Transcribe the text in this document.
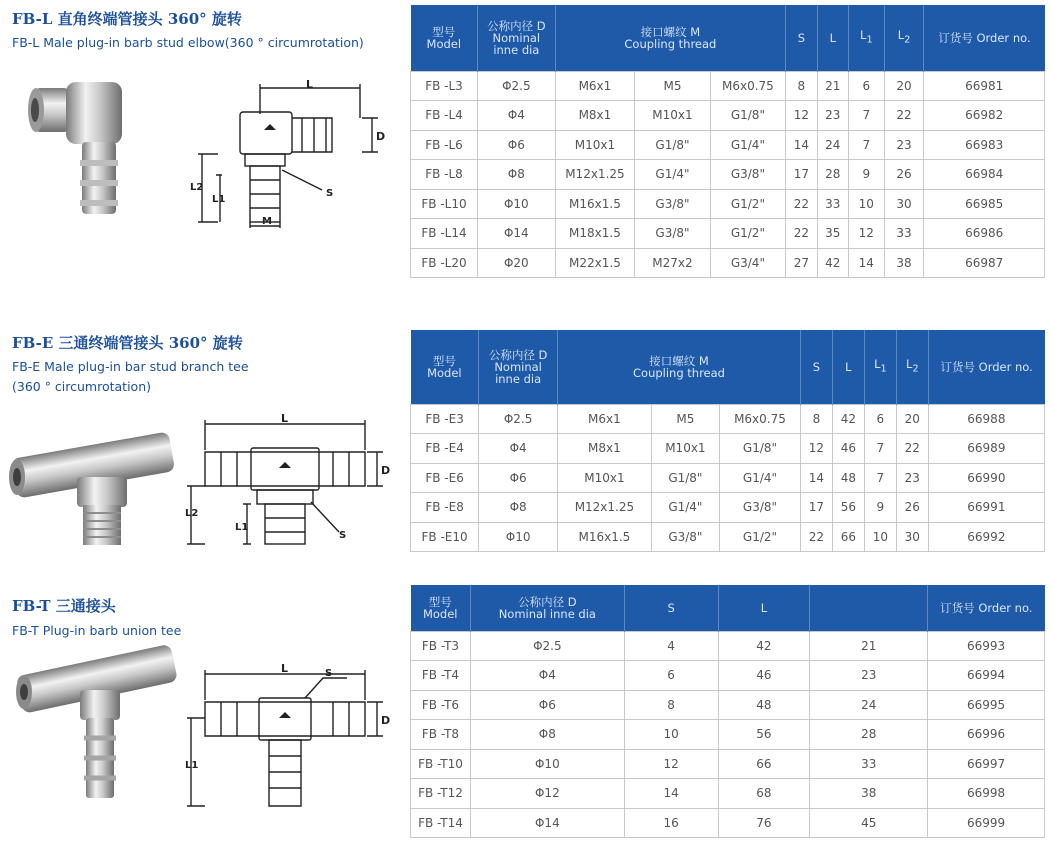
FB-L 直角终端管接头 360° 旋转
FB-L Male plug-in barb stud elbow(360 ° circumrotation)
L
D
L2
L1
S
M
型号
Model	公称内径 D
Nominal
inne dia	接口螺纹 M
Coupling thread			S	L	$L_1$	$L_2$	订货号 Order no.
FB -L3	Φ2.5	M6x1	M5	M6x0.75	8	21	6	20	66981
FB -L4	Φ4	M8x1	M10x1	G1/8"	12	23	7	22	66982
FB -L6	Φ6	M10x1	G1/8"	G1/4"	14	24	7	23	66983
FB -L8	Φ8	M12x1.25	G1/4"	G3/8"	17	28	9	26	66984
FB -L10	Φ10	M16x1.5	G3/8"	G1/2"	22	33	10	30	66985
FB -L14	Φ14	M18x1.5	G3/8"	G1/2"	22	35	12	33	66986
FB -L20	Φ20	M22x1.5	M27x2	G3/4"	27	42	14	38	66987
FB-E 三通终端管接头 360° 旋转
FB-E Male plug-in bar stud branch tee
(360 ° circumrotation)
L
D
L2
L1
S
型号
Model	公称内径 D
Nominal
inne dia	接口螺纹 M
Coupling thread			S	L	$L_1$	$L_2$	订货号 Order no.
FB -E3	Φ2.5	M6x1	M5	M6x0.75	8	42	6	20	66988
FB -E4	Φ4	M8x1	M10x1	G1/8"	12	46	7	22	66989
FB -E6	Φ6	M10x1	G1/8"	G1/4"	14	48	7	23	66990
FB -E8	Φ8	M12x1.25	G1/4"	G3/8"	17	56	9	26	66991
FB -E10	Φ10	M16x1.5	G3/8"	G1/2"	22	66	10	30	66992
FB-T 三通接头
FB-T Plug-in barb union tee
L
D
L1
S
型号
Model	公称内径 D
Nominal inne dia	S	L		订货号 Order no.
FB -T3	Φ2.5	4	42	21	66993
FB -T4	Φ4	6	46	23	66994
FB -T6	Φ6	8	48	24	66995
FB -T8	Φ8	10	56	28	66996
FB -T10	Φ10	12	66	33	66997
FB -T12	Φ12	14	68	38	66998
FB -T14	Φ14	16	76	45	66999
